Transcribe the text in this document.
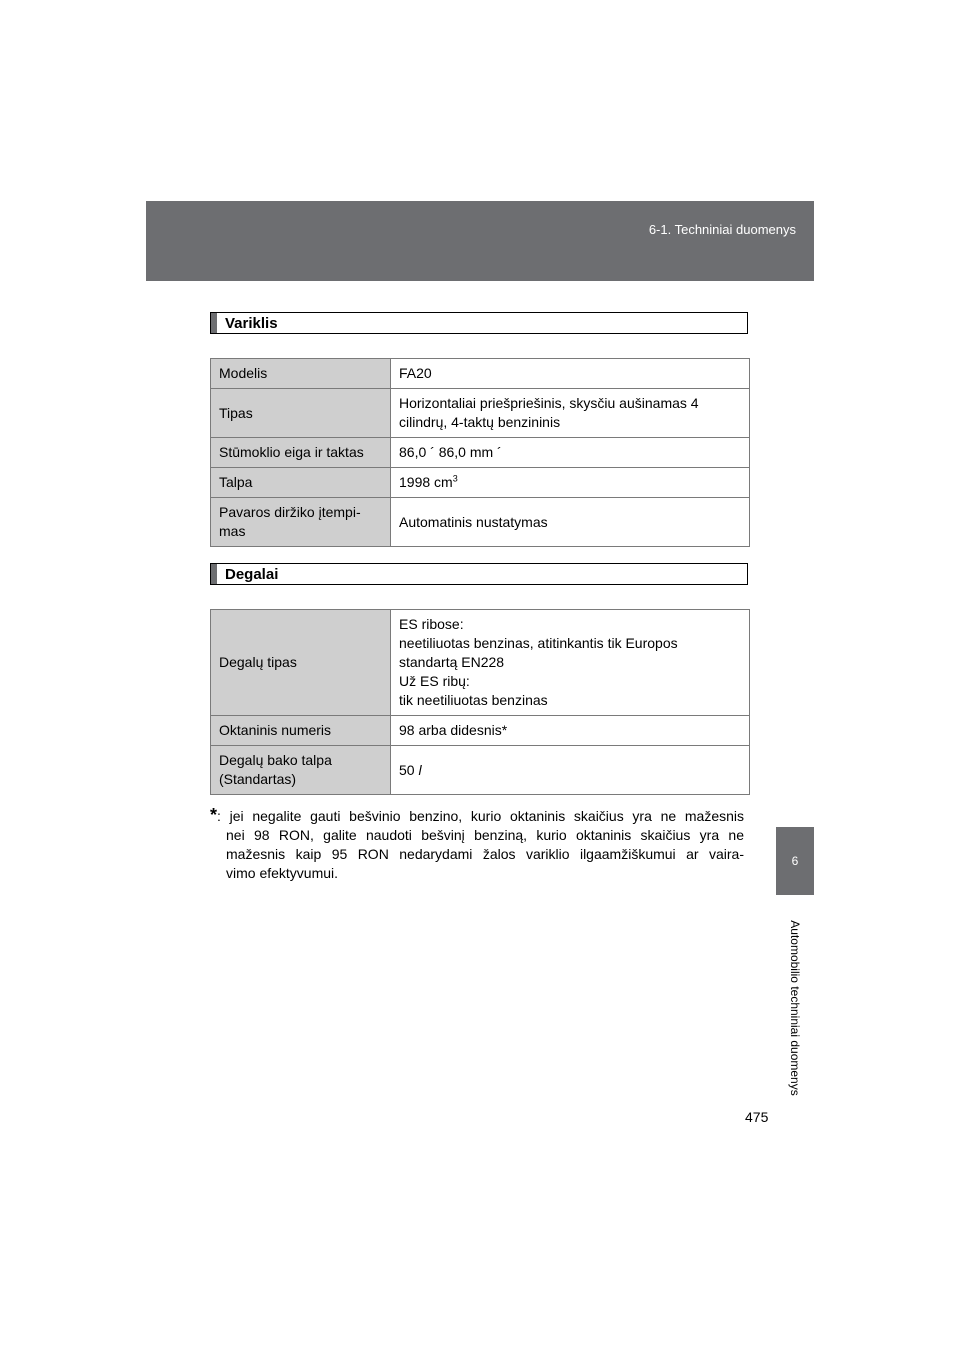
6-1. Techniniai duomenys
6
Automobilio techniniai duomenys
475
Variklis
Modelis	FA20
Tipas	Horizontaliai priešpriešinis, skysčiu aušinamas 4 cilindrų, 4-taktų benzininis
Stūmoklio eiga ir taktas	86,0 ´ 86,0 mm ´
Talpa	1998 $cm^3$
Pavaros diržiko įtempi-
mas	Automatinis nustatymas
Degalai
Degalų tipas	ES ribose:
neetiliuotas benzinas, atitinkantis tik Europos
standartą EN228
Už ES ribų:
tik neetiliuotas benzinas
Oktaninis numeris	98 arba didesnis*
Degalų bako talpa
(Standartas)	50 l
*: jei negalite gauti bešvinio benzino, kurio oktaninis skaičius yra ne mažesnis
nei 98 RON, galite naudoti bešvinį benziną, kurio oktaninis skaičius yra ne
mažesnis kaip 95 RON nedarydami žalos variklio ilgaamžiškumui ar vaira-
vimo efektyvumui.
